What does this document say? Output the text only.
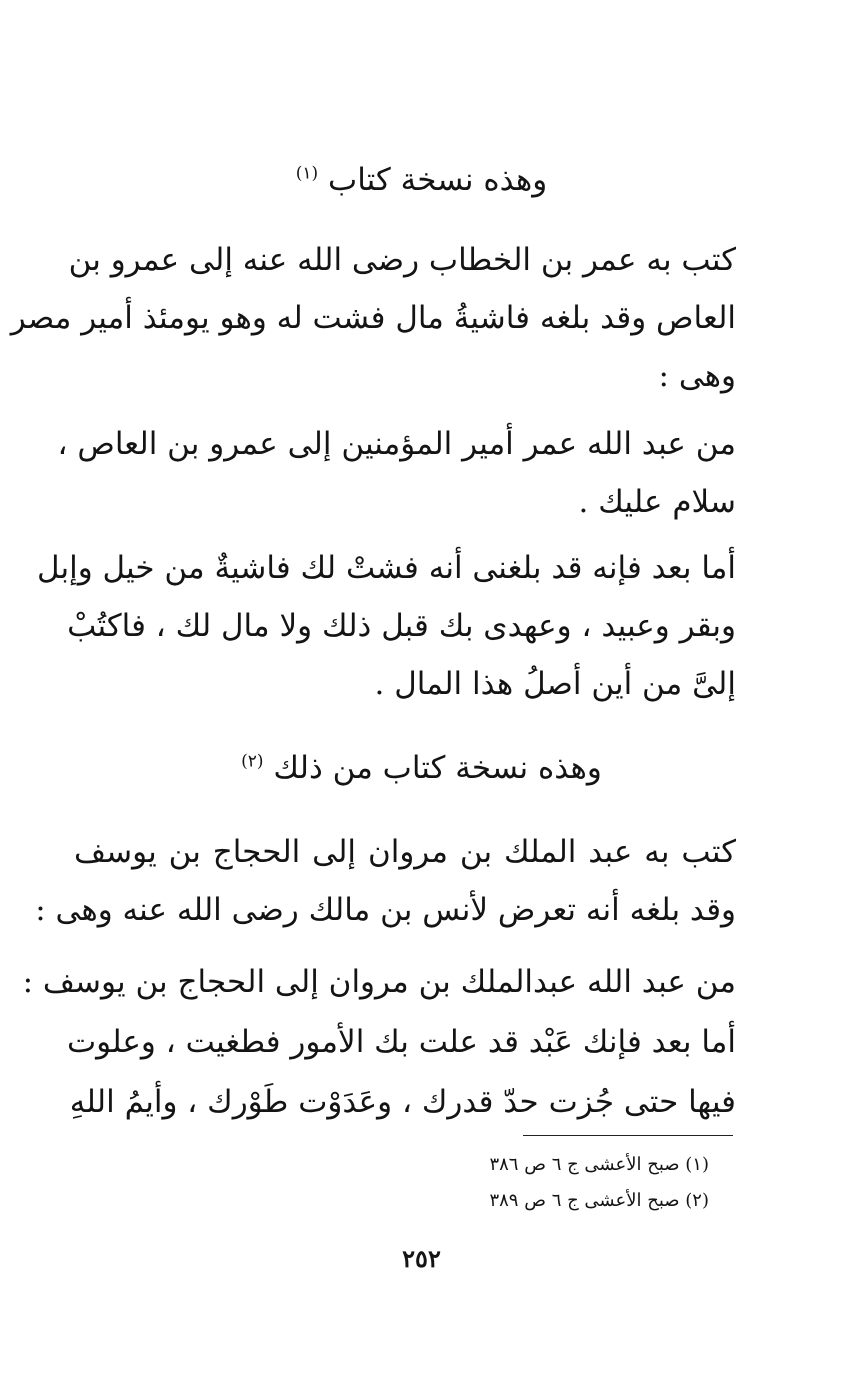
وهذه نسخة كتاب $^{(١)}$
كتب به عمر بن الخطاب رضى الله عنه إلى عمرو بن
العاص وقد بلغه فاشيةُ مال فشت له وهو يومئذ أمير مصر
وهى :
من عبد الله عمر أمير المؤمنين إلى عمرو بن العاص ،
سلام عليك .
أما بعد فإنه قد بلغنى أنه فشتْ لك فاشيةٌ من خيل وإبل
وبقر وعبيد ، وعهدى بك قبل ذلك ولا مال لك ، فاكتُبْ
إلىَّ من أين أصلُ هذا المال .
وهذه نسخة كتاب من ذلك $^{(٢)}$
كتب به عبد الملك بن مروان إلى الحجاج بن يوسف
وقد بلغه أنه تعرض لأنس بن مالك رضى الله عنه وهى :
من عبد الله عبدالملك بن مروان إلى الحجاج بن يوسف :
أما بعد فإنك عَبْد قد علت بك الأمور فطغيت ، وعلوت
فيها حتى جُزت حدّ قدرك ، وعَدَوْت طَوْرك ، وأيمُ اللهِ
(١) صبح الأعشى ج ٦ ص ٣٨٦
(٢) صبح الأعشى ج ٦ ص ٣٨٩
٢٥٢
